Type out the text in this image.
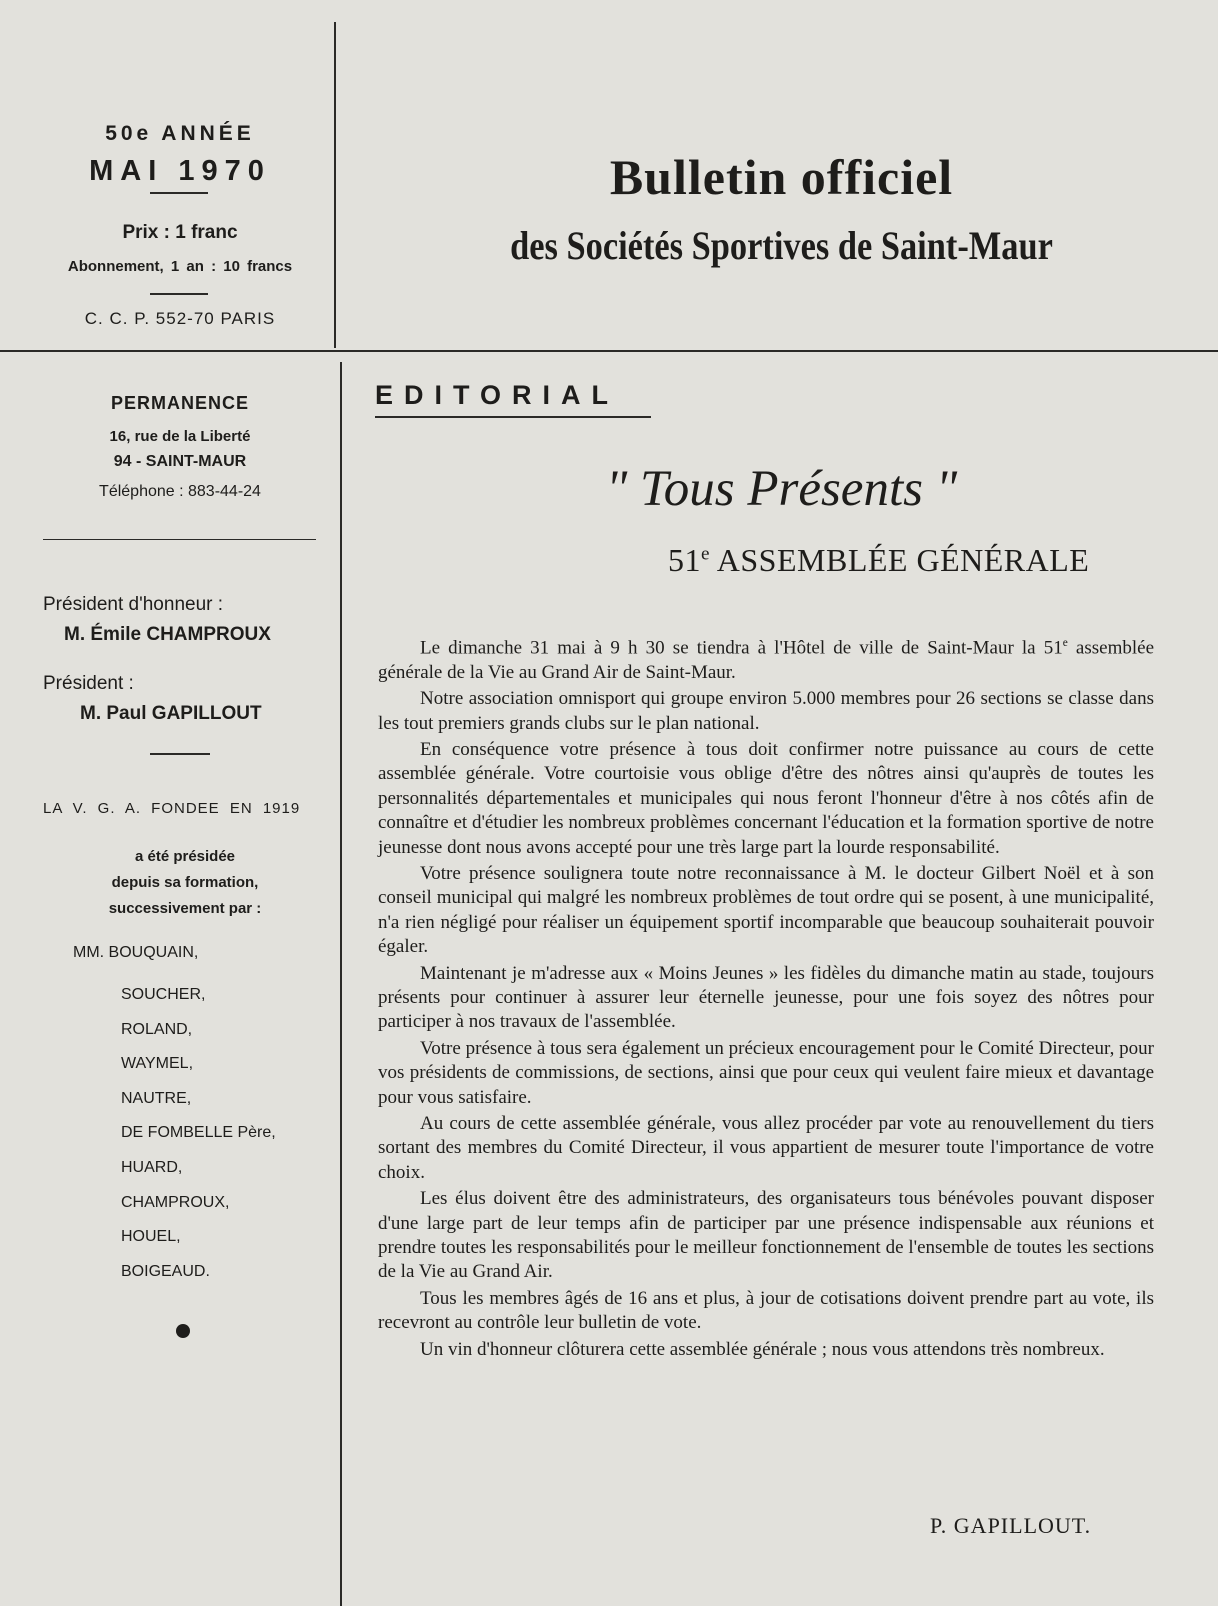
50e ANNÉE
MAI 1970
Prix : 1 franc
Abonnement, 1 an : 10 francs
C. C. P. 552-70 PARIS
Bulletin officiel
des Sociétés Sportives de Saint-Maur
PERMANENCE
16, rue de la Liberté
94 - SAINT-MAUR
Téléphone : 883-44-24
Président d'honneur :
M. Émile CHAMPROUX
Président :
M. Paul GAPILLOUT
LA V. G. A. FONDEE EN 1919
a été présidée
depuis sa formation,
successivement par :
MM. BOUQUAIN,
SOUCHER,
ROLAND,
WAYMEL,
NAUTRE,
DE FOMBELLE Père,
HUARD,
CHAMPROUX,
HOUEL,
BOIGEAUD.
EDITORIAL
" Tous Présents "
51e ASSEMBLÉE GÉNÉRALE

Le dimanche 31 mai à 9 h 30 se tiendra à l'Hôtel de ville de Saint-Maur la 51e assemblée générale de la Vie au Grand Air de Saint-Maur.

Notre association omnisport qui groupe environ 5.000 membres pour 26 sections se classe dans les tout premiers grands clubs sur le plan national.

En conséquence votre présence à tous doit confirmer notre puissance au cours de cette assemblée générale. Votre courtoisie vous oblige d'être des nôtres ainsi qu'auprès de toutes les personnalités départementales et municipales qui nous feront l'honneur d'être à nos côtés afin de connaître et d'étudier les nombreux problèmes concernant l'éducation et la formation sportive de notre jeunesse dont nous avons accepté pour une très large part la lourde responsabilité.

Votre présence soulignera toute notre reconnaissance à M. le docteur Gilbert Noël et à son conseil municipal qui malgré les nombreux problèmes de tout ordre qui se posent, à une municipalité, n'a rien négligé pour réaliser un équipement sportif incomparable que beaucoup souhaiterait pouvoir égaler.

Maintenant je m'adresse aux « Moins Jeunes » les fidèles du dimanche matin au stade, toujours présents pour continuer à assurer leur éternelle jeunesse, pour une fois soyez des nôtres pour participer à nos travaux de l'assemblée.

Votre présence à tous sera également un précieux encouragement pour le Comité Directeur, pour vos présidents de commissions, de sections, ainsi que pour ceux qui veulent faire mieux et davantage pour vous satisfaire.

Au cours de cette assemblée générale, vous allez procéder par vote au renouvellement du tiers sortant des membres du Comité Directeur, il vous appartient de mesurer toute l'importance de votre choix.

Les élus doivent être des administrateurs, des organisateurs tous bénévoles pouvant disposer d'une large part de leur temps afin de participer par une présence indispensable aux réunions et prendre toutes les responsabilités pour le meilleur fonctionnement de l'ensemble de toutes les sections de la Vie au Grand Air.

Tous les membres âgés de 16 ans et plus, à jour de cotisations doivent prendre part au vote, ils recevront au contrôle leur bulletin de vote.

Un vin d'honneur clôturera cette assemblée générale ; nous vous attendons très nombreux.

P. GAPILLOUT.
